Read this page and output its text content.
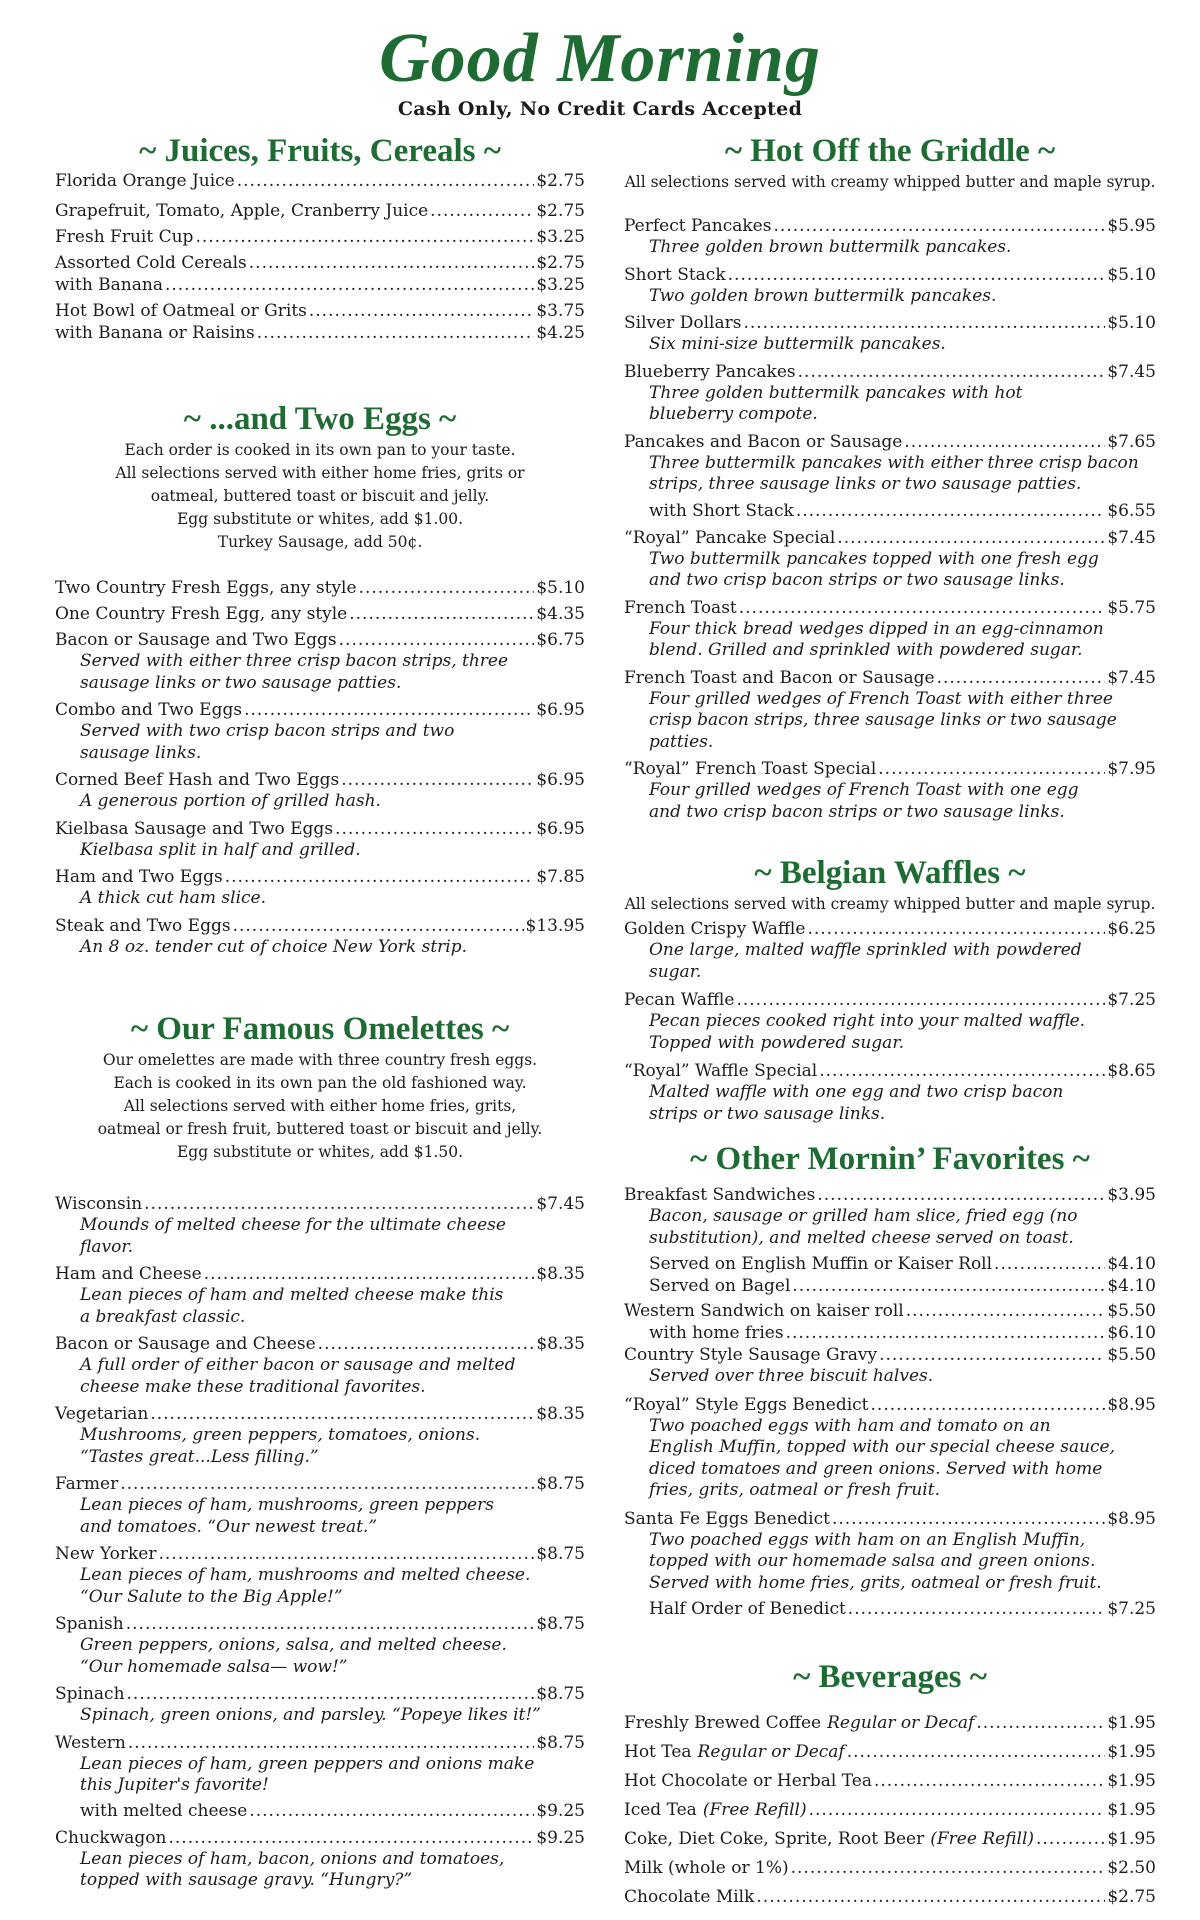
Good Morning
Cash Only, No Credit Cards Accepted
~ Juices, Fruits, Cereals ~
Florida Orange Juice .....	$2.75
Grapefruit, Tomato, Apple, Cranberry Juice .....	$2.75
Fresh Fruit Cup .....	$3.25
Assorted Cold Cereals .....	$2.75
with Banana .....	$3.25
Hot Bowl of Oatmeal or Grits .....	$3.75
with Banana or Raisins .....	$4.25
~ ...and Two Eggs ~
Each order is cooked in its own pan to your taste.
All selections served with either home fries, grits or
oatmeal, buttered toast or biscuit and jelly.
Egg substitute or whites, add $1.00.
Turkey Sausage, add 50¢.
Two Country Fresh Eggs, any style .....	$5.10
One Country Fresh Egg, any style .....	$4.35
Bacon or Sausage and Two Eggs .....	$6.75
Served with either three crisp bacon strips, three
sausage links or two sausage patties.
Combo and Two Eggs .....	$6.95
Served with two crisp bacon strips and two
sausage links.
Corned Beef Hash and Two Eggs .....	$6.95
A generous portion of grilled hash.
Kielbasa Sausage and Two Eggs .....	$6.95
Kielbasa split in half and grilled.
Ham and Two Eggs .....	$7.85
A thick cut ham slice.
Steak and Two Eggs .....	$13.95
An 8 oz. tender cut of choice New York strip.
~ Our Famous Omelettes ~
Our omelettes are made with three country fresh eggs.
Each is cooked in its own pan the old fashioned way.
All selections served with either home fries, grits,
oatmeal or fresh fruit, buttered toast or biscuit and jelly.
Egg substitute or whites, add $1.50.
Wisconsin .....	$7.45
Mounds of melted cheese for the ultimate cheese
flavor.
Ham and Cheese .....	$8.35
Lean pieces of ham and melted cheese make this
a breakfast classic.
Bacon or Sausage and Cheese .....	$8.35
A full order of either bacon or sausage and melted
cheese make these traditional favorites.
Vegetarian .....	$8.35
Mushrooms, green peppers, tomatoes, onions.
“Tastes great...Less filling.”
Farmer .....	$8.75
Lean pieces of ham, mushrooms, green peppers
and tomatoes. “Our newest treat.”
New Yorker .....	$8.75
Lean pieces of ham, mushrooms and melted cheese.
“Our Salute to the Big Apple!”
Spanish .....	$8.75
Green peppers, onions, salsa, and melted cheese.
“Our homemade salsa— wow!”
Spinach .....	$8.75
Spinach, green onions, and parsley. “Popeye likes it!”
Western .....	$8.75
Lean pieces of ham, green peppers and onions make
this Jupiter's favorite!
with melted cheese .....	$9.25
Chuckwagon .....	$9.25
Lean pieces of ham, bacon, onions and tomatoes,
topped with sausage gravy. “Hungry?”
~ Hot Off the Griddle ~
All selections served with creamy whipped butter and maple syrup.
Perfect Pancakes .....	$5.95
Three golden brown buttermilk pancakes.
Short Stack .....	$5.10
Two golden brown buttermilk pancakes.
Silver Dollars .....	$5.10
Six mini-size buttermilk pancakes.
Blueberry Pancakes .....	$7.45
Three golden buttermilk pancakes with hot
blueberry compote.
Pancakes and Bacon or Sausage .....	$7.65
Three buttermilk pancakes with either three crisp bacon
strips, three sausage links or two sausage patties.
with Short Stack .....	$6.55
“Royal” Pancake Special .....	$7.45
Two buttermilk pancakes topped with one fresh egg
and two crisp bacon strips or two sausage links.
French Toast .....	$5.75
Four thick bread wedges dipped in an egg-cinnamon
blend. Grilled and sprinkled with powdered sugar.
French Toast and Bacon or Sausage .....	$7.45
Four grilled wedges of French Toast with either three
crisp bacon strips, three sausage links or two sausage
patties.
“Royal” French Toast Special .....	$7.95
Four grilled wedges of French Toast with one egg
and two crisp bacon strips or two sausage links.
~ Belgian Waffles ~
All selections served with creamy whipped butter and maple syrup.
Golden Crispy Waffle .....	$6.25
One large, malted waffle sprinkled with powdered
sugar.
Pecan Waffle .....	$7.25
Pecan pieces cooked right into your malted waffle.
Topped with powdered sugar.
“Royal” Waffle Special .....	$8.65
Malted waffle with one egg and two crisp bacon
strips or two sausage links.
~ Other Mornin’ Favorites ~
Breakfast Sandwiches .....	$3.95
Bacon, sausage or grilled ham slice, fried egg (no
substitution), and melted cheese served on toast.
Served on English Muffin or Kaiser Roll .....	$4.10
Served on Bagel .....	$4.10
Western Sandwich on kaiser roll .....	$5.50
with home fries .....	$6.10
Country Style Sausage Gravy .....	$5.50
Served over three biscuit halves.
“Royal” Style Eggs Benedict .....	$8.95
Two poached eggs with ham and tomato on an
English Muffin, topped with our special cheese sauce,
diced tomatoes and green onions. Served with home
fries, grits, oatmeal or fresh fruit.
Santa Fe Eggs Benedict .....	$8.95
Two poached eggs with ham on an English Muffin,
topped with our homemade salsa and green onions.
Served with home fries, grits, oatmeal or fresh fruit.
Half Order of Benedict .....	$7.25
~ Beverages ~
Freshly Brewed Coffee Regular or Decaf .....	$1.95
Hot Tea Regular or Decaf .....	$1.95
Hot Chocolate or Herbal Tea .....	$1.95
Iced Tea (Free Refill) .....	$1.95
Coke, Diet Coke, Sprite, Root Beer (Free Refill) .....	$1.95
Milk (whole or 1%) .....	$2.50
Chocolate Milk .....	$2.75
